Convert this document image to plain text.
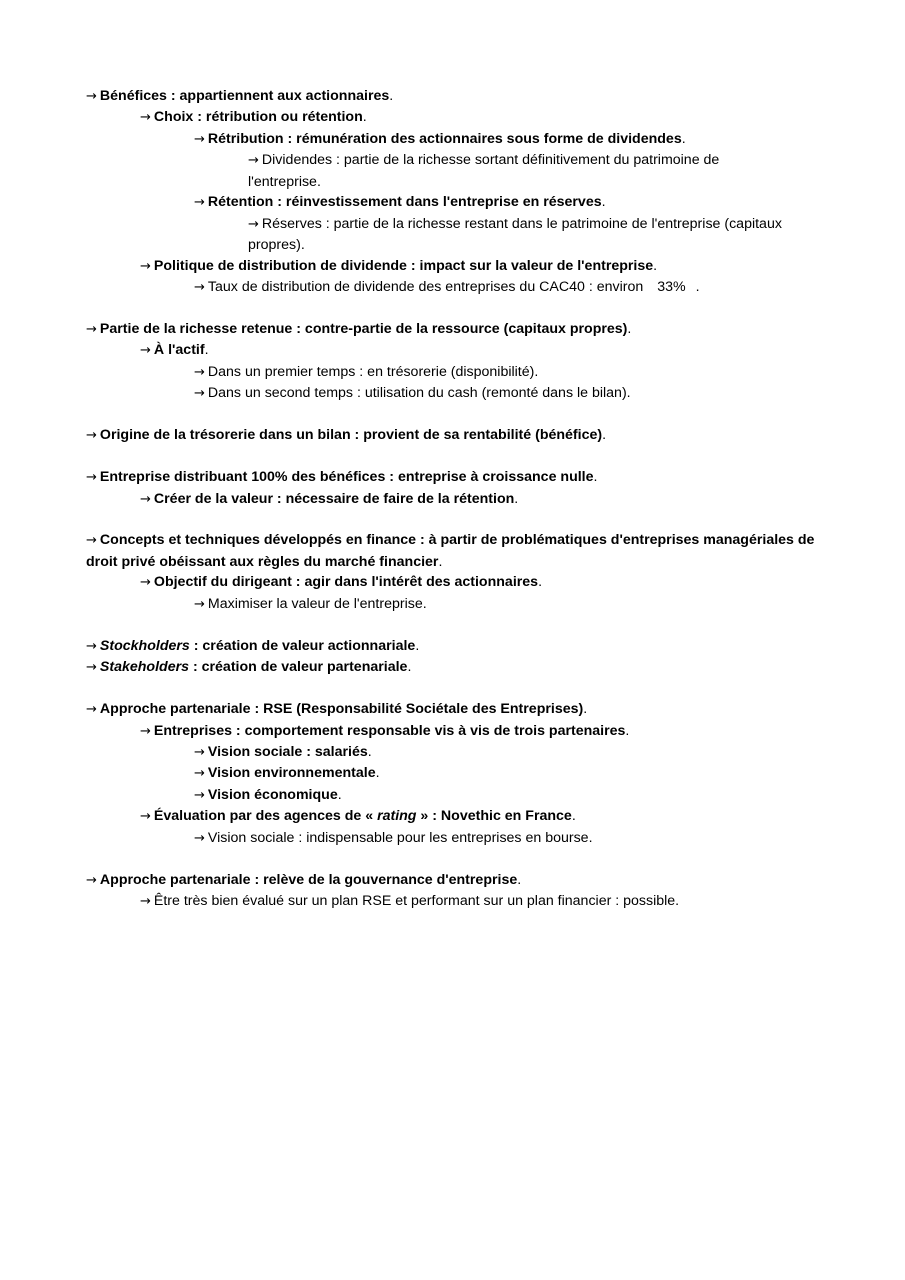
→ Bénéfices : appartiennent aux actionnaires.
→ Choix : rétribution ou rétention.
→ Rétribution : rémunération des actionnaires sous forme de dividendes.
→ Dividendes : partie de la richesse sortant définitivement du patrimoine de l'entreprise.
→ Rétention : réinvestissement dans l'entreprise en réserves.
→ Réserves : partie de la richesse restant dans le patrimoine de l'entreprise (capitaux propres).
→ Politique de distribution de dividende : impact sur la valeur de l'entreprise.
→ Taux de distribution de dividende des entreprises du CAC40 : environ 33% .
→ Partie de la richesse retenue : contre-partie de la ressource (capitaux propres).
→ À l'actif.
→ Dans un premier temps : en trésorerie (disponibilité).
→ Dans un second temps : utilisation du cash (remonté dans le bilan).
→ Origine de la trésorerie dans un bilan : provient de sa rentabilité (bénéfice).
→ Entreprise distribuant 100% des bénéfices : entreprise à croissance nulle.
→ Créer de la valeur : nécessaire de faire de la rétention.
→ Concepts et techniques développés en finance : à partir de problématiques d'entreprises managériales de droit privé obéissant aux règles du marché financier.
→ Objectif du dirigeant : agir dans l'intérêt des actionnaires.
→ Maximiser la valeur de l'entreprise.
→ Stockholders : création de valeur actionnariale.
→ Stakeholders : création de valeur partenariale.
→ Approche partenariale : RSE (Responsabilité Sociétale des Entreprises).
→ Entreprises : comportement responsable vis à vis de trois partenaires.
→ Vision sociale : salariés.
→ Vision environnementale.
→ Vision économique.
→ Évaluation par des agences de « rating » : Novethic en France.
→ Vision sociale : indispensable pour les entreprises en bourse.
→ Approche partenariale : relève de la gouvernance d'entreprise.
→ Être très bien évalué sur un plan RSE et performant sur un plan financier : possible.
